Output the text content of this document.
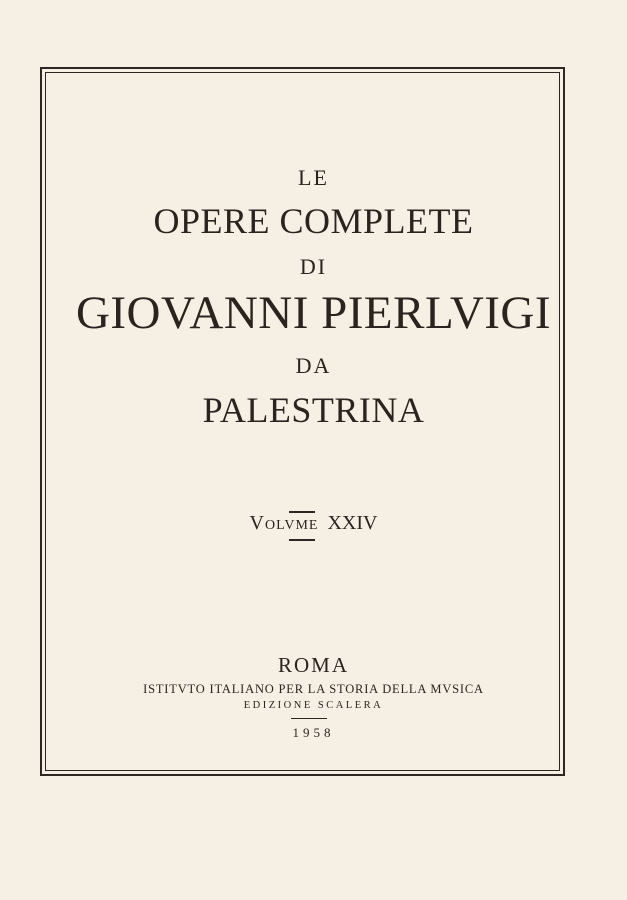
LE
OPERE COMPLETE
DI
GIOVANNI PIERLVIGI
DA
PALESTRINA
Volvme XXIV
ROMA
ISTITVTO ITALIANO PER LA STORIA DELLA MVSICA
EDIZIONE SCALERA
1958
